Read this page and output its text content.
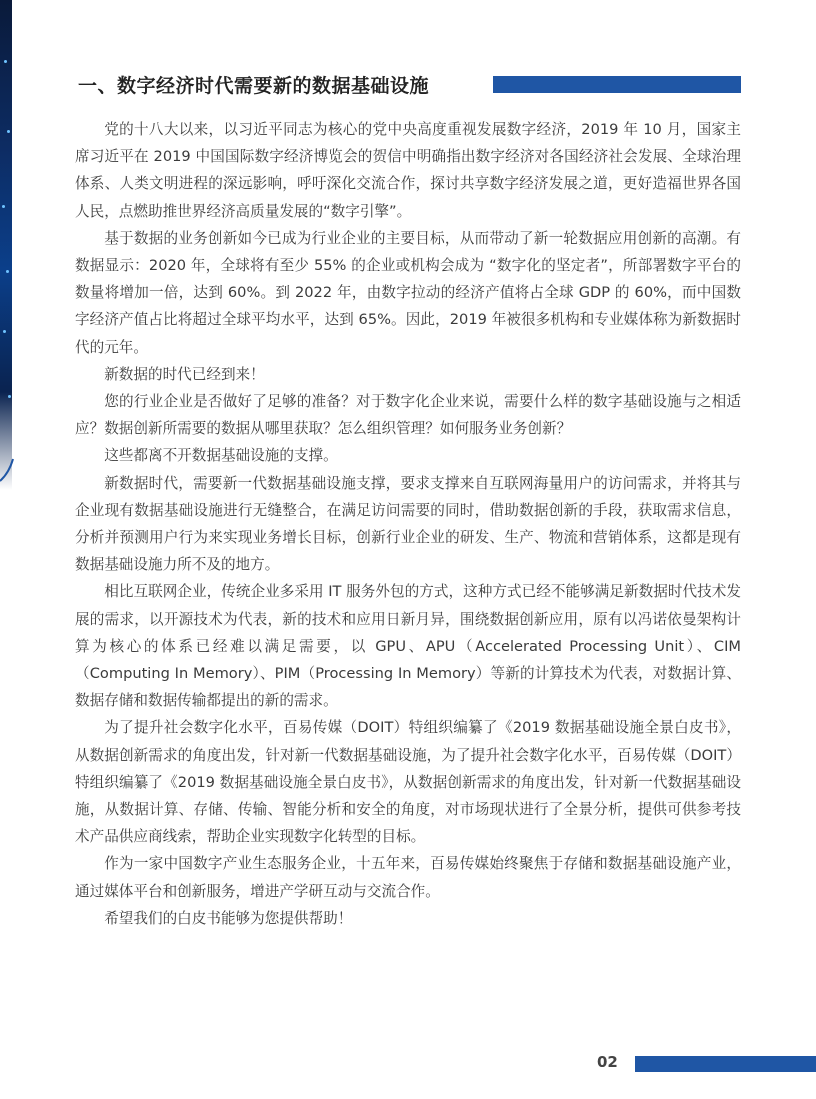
一、数字经济时代需要新的数据基础设施

党的十八大以来，以习近平同志为核心的党中央高度重视发展数字经济，2019 年 10 月，国家主席习近平在 2019 中国国际数字经济博览会的贺信中明确指出数字经济对各国经济社会发展、全球治理体系、人类文明进程的深远影响，呼吁深化交流合作，探讨共享数字经济发展之道，更好造福世界各国人民，点燃助推世界经济高质量发展的“数字引擎”。

基于数据的业务创新如今已成为行业企业的主要目标，从而带动了新一轮数据应用创新的高潮。有数据显示：2020 年，全球将有至少 55% 的企业或机构会成为 “数字化的坚定者”，所部署数字平台的数量将增加一倍，达到 60%。到 2022 年，由数字拉动的经济产值将占全球 GDP 的 60%，而中国数字经济产值占比将超过全球平均水平，达到 65%。因此，2019 年被很多机构和专业媒体称为新数据时代的元年。

新数据的时代已经到来！

您的行业企业是否做好了足够的准备？对于数字化企业来说，需要什么样的数字基础设施与之相适应？数据创新所需要的数据从哪里获取？怎么组织管理？如何服务业务创新？

这些都离不开数据基础设施的支撑。

新数据时代，需要新一代数据基础设施支撑，要求支撑来自互联网海量用户的访问需求，并将其与企业现有数据基础设施进行无缝整合，在满足访问需要的同时，借助数据创新的手段，获取需求信息，分析并预测用户行为来实现业务增长目标，创新行业企业的研发、生产、物流和营销体系，这都是现有数据基础设施力所不及的地方。

相比互联网企业，传统企业多采用 IT 服务外包的方式，这种方式已经不能够满足新数据时代技术发展的需求，以开源技术为代表，新的技术和应用日新月异，围绕数据创新应用，原有以冯诺依曼架构计算为核心的体系已经难以满足需要，以 GPU、APU（Accelerated Processing Unit）、CIM（Computing In Memory）、PIM（Processing In Memory）等新的计算技术为代表，对数据计算、数据存储和数据传输都提出的新的需求。

为了提升社会数字化水平，百易传媒（DOIT）特组织编纂了《2019 数据基础设施全景白皮书》，从数据创新需求的角度出发，针对新一代数据基础设施，为了提升社会数字化水平，百易传媒（DOIT）特组织编纂了《2019 数据基础设施全景白皮书》，从数据创新需求的角度出发，针对新一代数据基础设施，从数据计算、存储、传输、智能分析和安全的角度，对市场现状进行了全景分析，提供可供参考技术产品供应商线索，帮助企业实现数字化转型的目标。

作为一家中国数字产业生态服务企业，十五年来，百易传媒始终聚焦于存储和数据基础设施产业，通过媒体平台和创新服务，增进产学研互动与交流合作。

希望我们的白皮书能够为您提供帮助！

02
